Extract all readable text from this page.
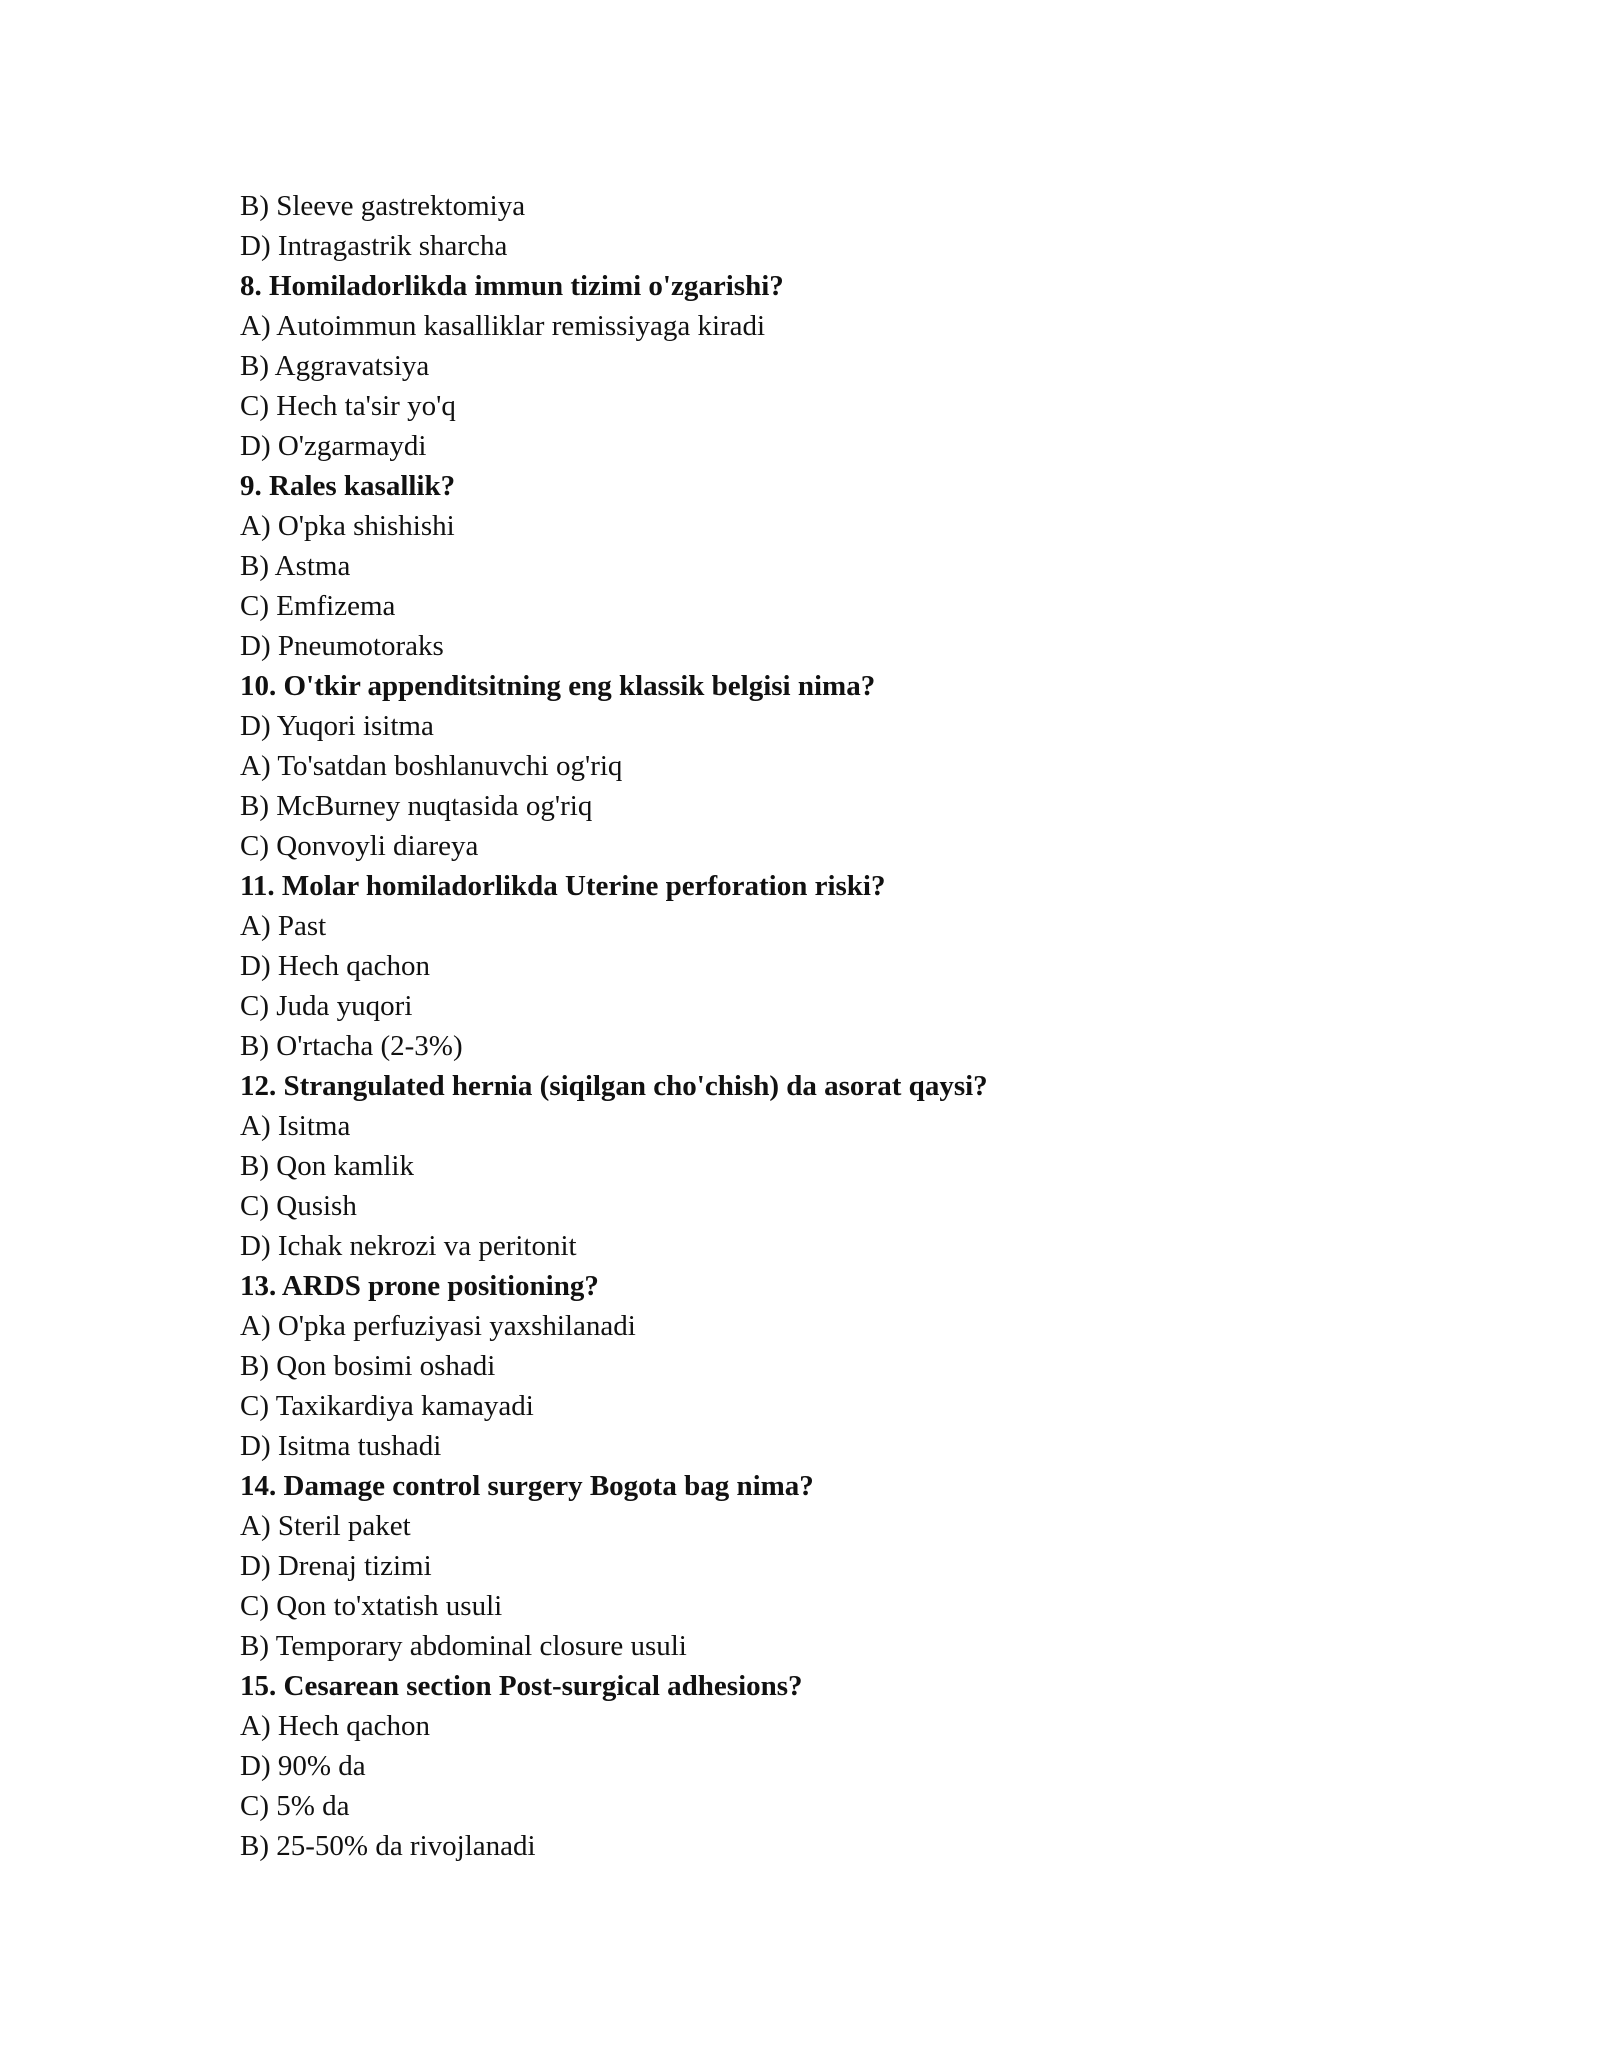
B) Sleeve gastrektomiya
D) Intragastrik sharcha
8. Homiladorlikda immun tizimi o'zgarishi?
A) Autoimmun kasalliklar remissiyaga kiradi
B) Aggravatsiya
C) Hech ta'sir yo'q
D) O'zgarmaydi
9. Rales kasallik?
A) O'pka shishishi
B) Astma
C) Emfizema
D) Pneumotoraks
10. O'tkir appenditsitning eng klassik belgisi nima?
D) Yuqori isitma
A) To'satdan boshlanuvchi og'riq
B) McBurney nuqtasida og'riq
C) Qonvoyli diareya
11. Molar homiladorlikda Uterine perforation riski?
A) Past
D) Hech qachon
C) Juda yuqori
B) O'rtacha (2-3%)
12. Strangulated hernia (siqilgan cho'chish) da asorat qaysi?
A) Isitma
B) Qon kamlik
C) Qusish
D) Ichak nekrozi va peritonit
13. ARDS prone positioning?
A) O'pka perfuziyasi yaxshilanadi
B) Qon bosimi oshadi
C) Taxikardiya kamayadi
D) Isitma tushadi
14. Damage control surgery Bogota bag nima?
A) Steril paket
D) Drenaj tizimi
C) Qon to'xtatish usuli
B) Temporary abdominal closure usuli
15. Cesarean section Post-surgical adhesions?
A) Hech qachon
D) 90% da
C) 5% da
B) 25-50% da rivojlanadi
